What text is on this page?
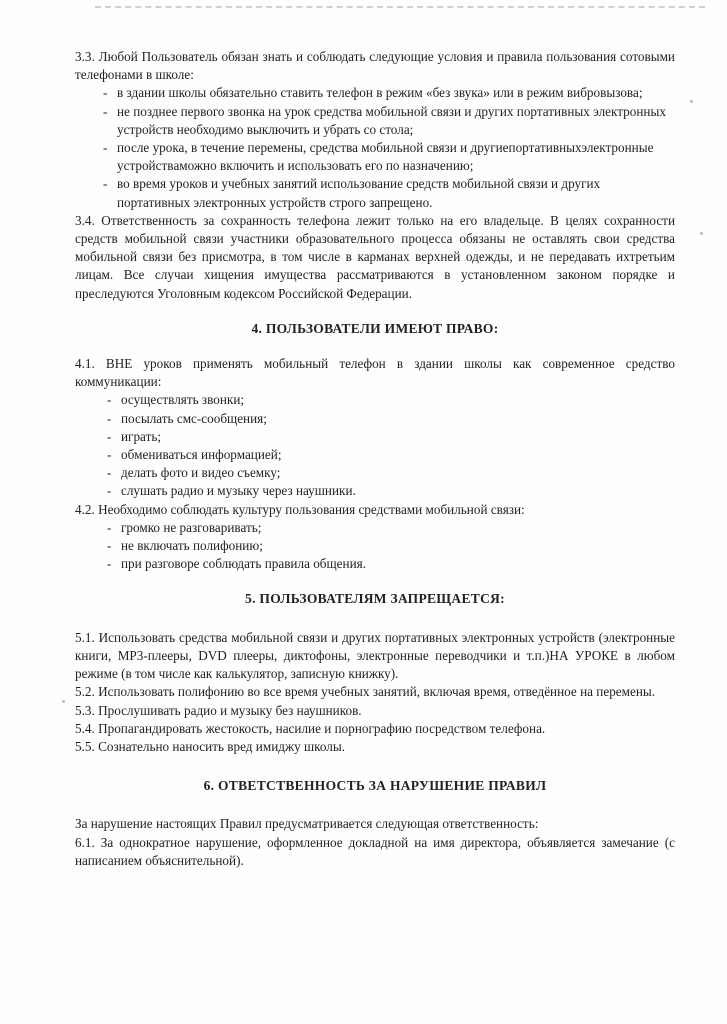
3.3. Любой Пользователь обязан знать и соблюдать следующие условия и правила пользования сотовыми телефонами в школе:

- в здании школы обязательно ставить телефон в режим «без звука» или в режим вибровызова;

- не позднее первого звонка на урок средства мобильной связи и других портативных электронных устройств необходимо выключить и убрать со стола;

- после урока, в течение перемены, средства мобильной связи и другиепортативныхэлектронные устройствaможно включить и использовать его по назначению;

- во время уроков и учебных занятий использование средств мобильной связи и других портативных электронных устройств строго запрещено.

3.4. Ответственность за сохранность телефона лежит только на его владельце. В целях сохранности средств мобильной связи участники образовательного процесса обязаны не оставлять свои средства мобильной связи без присмотра, в том числе в карманах верхней одежды, и не передавать ихтретьим лицам. Все случаи хищения имущества рассматриваются в установленном законом порядке и преследуются Уголовным кодексом Российской Федерации.

4. ПОЛЬЗОВАТЕЛИ ИМЕЮТ ПРАВО:

4.1. ВНЕ уроков применять мобильный телефон в здании школы как современное средство коммуникации:

- осуществлять звонки;

- посылать смс-сообщения;

- играть;

- обмениваться информацией;

- делать фото и видео съемку;

- слушать радио и музыку через наушники.

4.2. Необходимо соблюдать культуру пользования средствами мобильной связи:

- громко не разговаривать;

- не включать полифонию;

- при разговоре соблюдать правила общения.

5. ПОЛЬЗОВАТЕЛЯМ ЗАПРЕЩАЕТСЯ:

5.1. Использовать средства мобильной связи и других портативных электронных устройств (электронные книги, МР3-плееры, DVD плееры, диктофоны, электронные переводчики и т.п.)НА УРОКЕ в любом режиме (в том числе как калькулятор, записную книжку).

5.2. Использовать полифонию во все время учебных занятий, включая время, отведённое на перемены.

5.3. Прослушивать радио и музыку без наушников.

5.4. Пропагандировать жестокость, насилие и порнографию посредством телефона.

5.5. Сознательно наносить вред имиджу школы.

6. ОТВЕТСТВЕННОСТЬ ЗА НАРУШЕНИЕ ПРАВИЛ

За нарушение настоящих Правил предусматривается следующая ответственность:

6.1. За однократное нарушение, оформленное докладной на имя директора, объявляется замечание (с написанием объяснительной).
